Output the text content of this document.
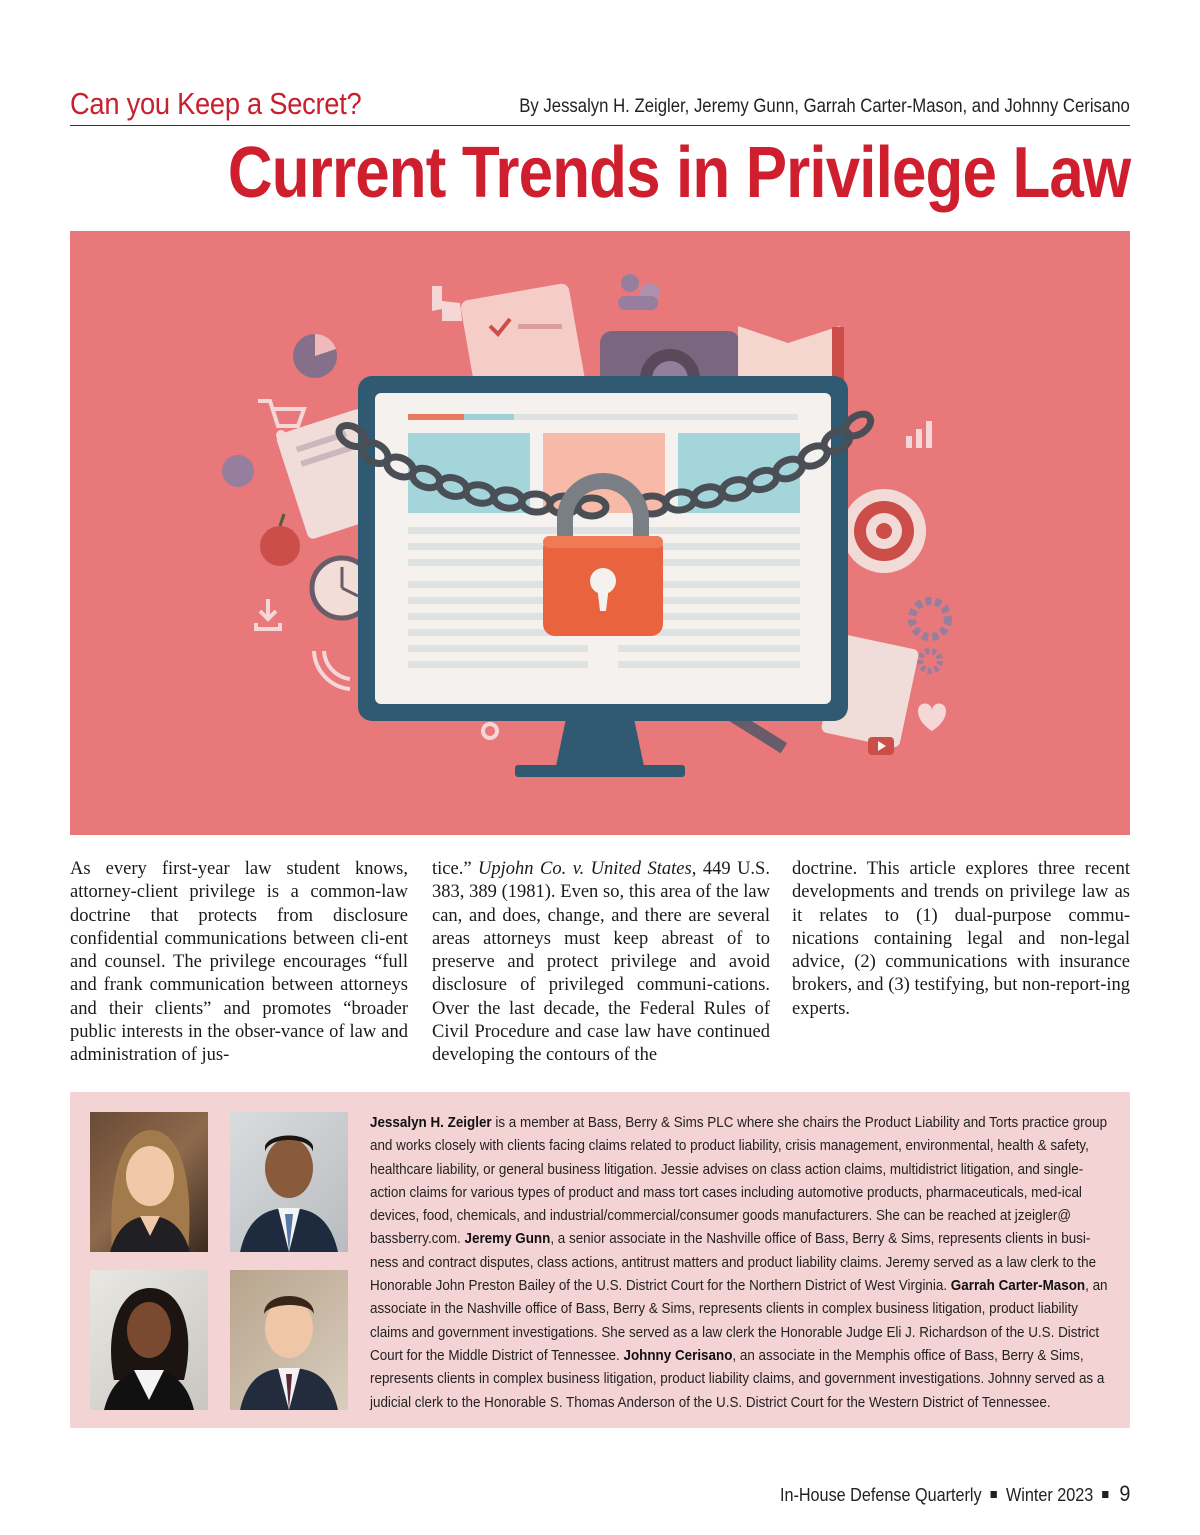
Can you Keep a Secret?	By Jessalyn H. Zeigler, Jeremy Gunn, Garrah Carter-Mason, and Johnny Cerisano
Current Trends in Privilege Law
As every first-year law student knows, attorney-client privilege is a common-law doctrine that protects from disclosure confidential communications between cli-ent and counsel. The privilege encourages “full and frank communication between attorneys and their clients” and promotes “broader public interests in the obser-vance of law and administration of jus-
tice.” Upjohn Co. v. United States, 449 U.S. 383, 389 (1981). Even so, this area of the law can, and does, change, and there are several areas attorneys must keep abreast of to preserve and protect privilege and avoid disclosure of privileged communi-cations. Over the last decade, the Federal Rules of Civil Procedure and case law have continued developing the contours of the
doctrine. This article explores three recent developments and trends on privilege law as it relates to (1) dual-purpose commu-nications containing legal and non-legal advice, (2) communications with insurance brokers, and (3) testifying, but non-report-ing experts.
Jessalyn H. Zeigler is a member at Bass, Berry & Sims PLC where she chairs the Product Liability and Torts practice group and works closely with clients facing claims related to product liability, crisis management, environmental, health & safety, healthcare liability, or general business litigation. Jessie advises on class action claims, multidistrict litigation, and single-action claims for various types of product and mass tort cases including automotive products, pharmaceuticals, med-ical devices, food, chemicals, and industrial/commercial/consumer goods manufacturers. She can be reached at jzeigler@ bassberry.com. Jeremy Gunn, a senior associate in the Nashville office of Bass, Berry & Sims, represents clients in busi-ness and contract disputes, class actions, antitrust matters and product liability claims. Jeremy served as a law clerk to the Honorable John Preston Bailey of the U.S. District Court for the Northern District of West Virginia. Garrah Carter-Mason, an associate in the Nashville office of Bass, Berry & Sims, represents clients in complex business litigation, product liability claims and government investigations. She served as a law clerk the Honorable Judge Eli J. Richardson of the U.S. District Court for the Middle District of Tennessee. Johnny Cerisano, an associate in the Memphis office of Bass, Berry & Sims, represents clients in complex business litigation, product liability claims, and government investigations. Johnny served as a judicial clerk to the Honorable S. Thomas Anderson of the U.S. District Court for the Western District of Tennessee.
In-House Defense Quarterly Winter 2023 9
